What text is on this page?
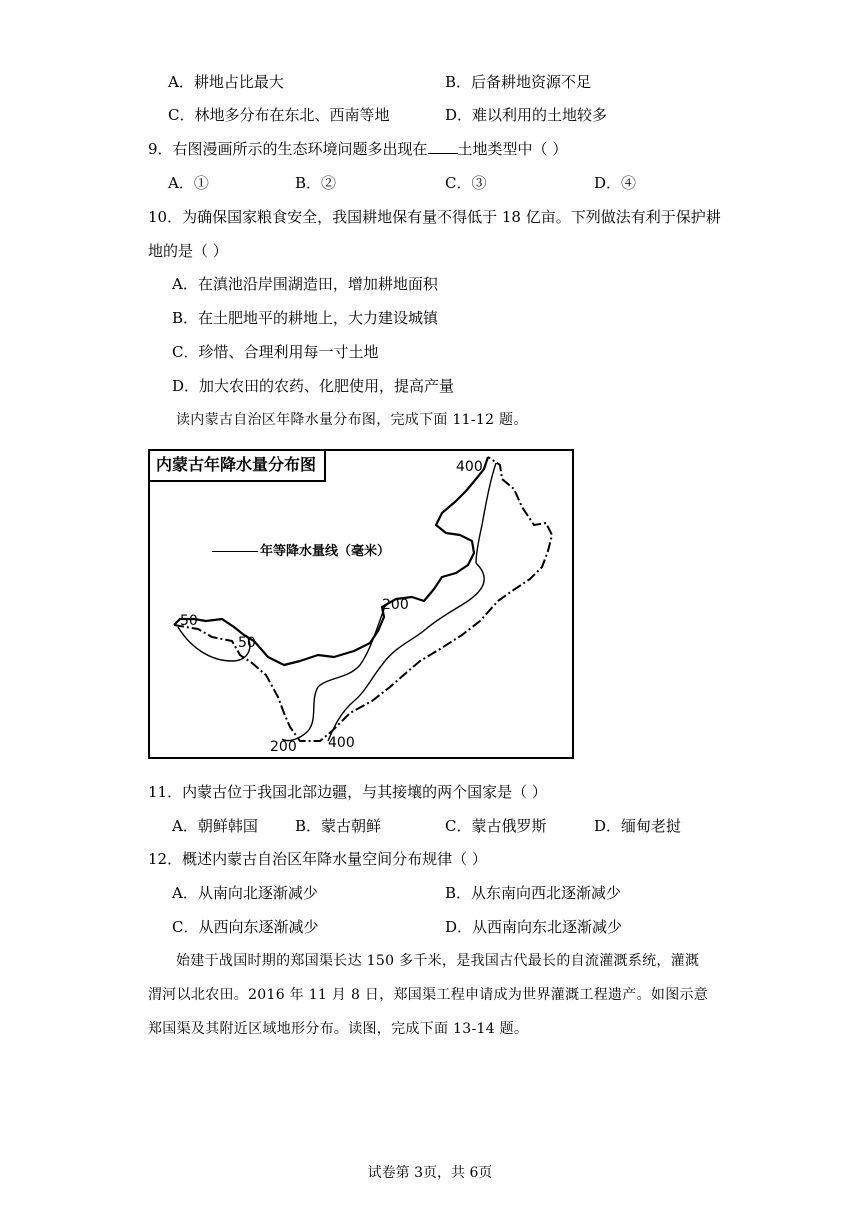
A．耕地占比最大	B．后备耕地资源不足
C．林地多分布在东北、西南等地	D．难以利用的土地较多
9．右图漫画所示的生态环境问题多出现在 土地类型中（ ）
A．①	B．②	C．③	D．④
10．为确保国家粮食安全，我国耕地保有量不得低于 18 亿亩。下列做法有利于保护耕
地的是（ ）
A．在滇池沿岸围湖造田，增加耕地面积
B．在土肥地平的耕地上，大力建设城镇
C．珍惜、合理利用每一寸土地
D．加大农田的农药、化肥使用，提高产量
读内蒙古自治区年降水量分布图，完成下面 11-12 题。
内蒙古年降水量分布图
年等降水量线（毫米）
400
200
50
50
200 400
11．内蒙古位于我国北部边疆，与其接壤的两个国家是（ ）
A．朝鲜韩国 B．蒙古朝鲜	C．蒙古俄罗斯	D．缅甸老挝
12．概述内蒙古自治区年降水量空间分布规律（ ）
A．从南向北逐渐减少	B．从东南向西北逐渐减少
C．从西向东逐渐减少	D．从西南向东北逐渐减少
始建于战国时期的郑国渠长达 150 多千米，是我国古代最长的自流灌溉系统，灌溉
渭河以北农田。2016 年 11 月 8 日，郑国渠工程申请成为世界灌溉工程遗产。如图示意
郑国渠及其附近区域地形分布。读图，完成下面 13-14 题。
试卷第 3页，共 6页
